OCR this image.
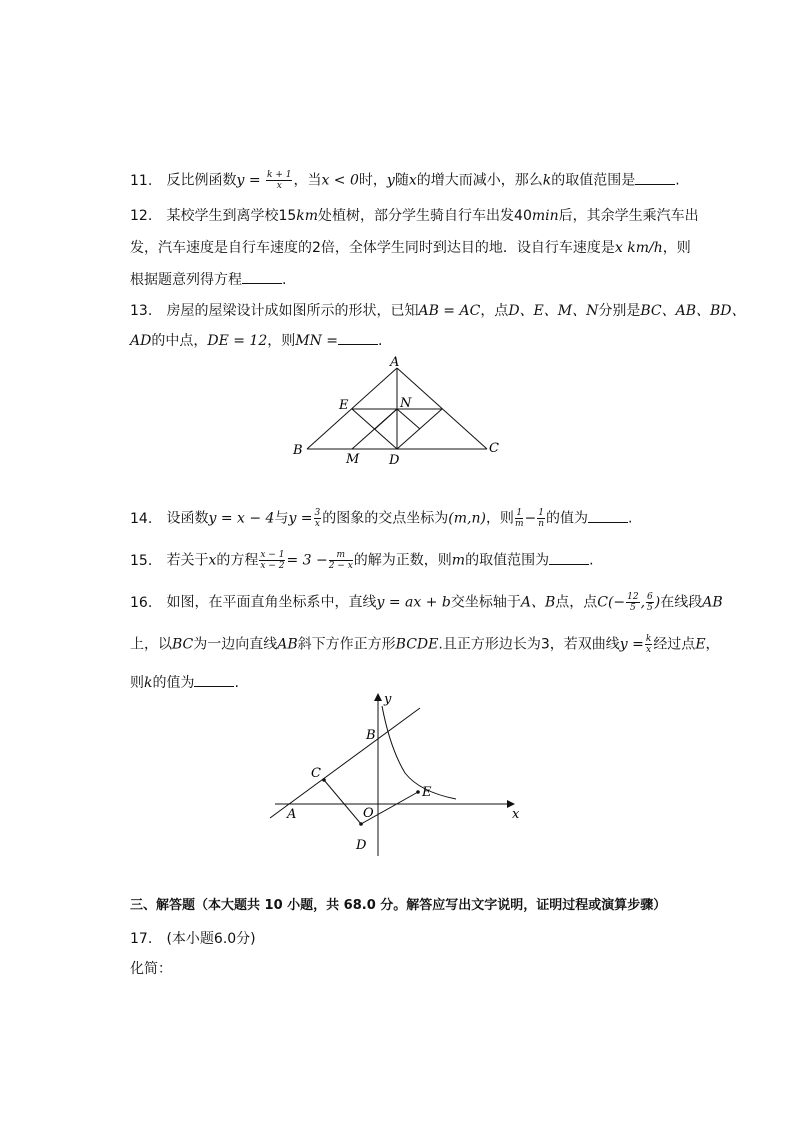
11. 反比例函数$y = \frac{k + 1}{x}$ ，当x < 0时，y随x的增大而减小，那么k的取值范围是	.
12. 某校学生到离学校15km处植树，部分学生骑自行车出发40min后，其余学生乘汽车出
发，汽车速度是自行车速度的2倍，全体学生同时到达目的地．设自行车速度是x km/h，则
根据题意列得方程	.
13. 房屋的屋梁设计成如图所示的形状，已知AB = AC，点D、E、M、N分别是BC、AB、BD、
AD的中点，DE = 12，则MN =	.
A
E	N
B
M D
C
14. 设函数y = x − 4与$y = \frac{3}{x}$ 的图象的交点坐标为(m,n)，则 $\frac{1}{m} - \frac{1}{n}$ 的值为	.
15. 若关于x的方程 $\frac{x - 1}{x - 2} = 3 - \frac{m}{2 - x}$ 的解为正数，则m的取值范围为	.
16. 如图，在平面直角坐标系中，直线y = ax + b交坐标轴于A、B点，点$C(- \frac{12}{5}$ , $\frac{6}{5}$ )在线段AB
上，以BC为一边向直线AB斜下方作正方形BCDE.且正方形边长为3，若双曲线$y = \frac{k}{x}$ 经过点E，
则k的值为	.
y
x
B
C
E
O
A
D
三、解答题（本大题共 10 小题，共 68.0 分。解答应写出文字说明，证明过程或演算步骤）
17. (本小题6.0分)
化简：
